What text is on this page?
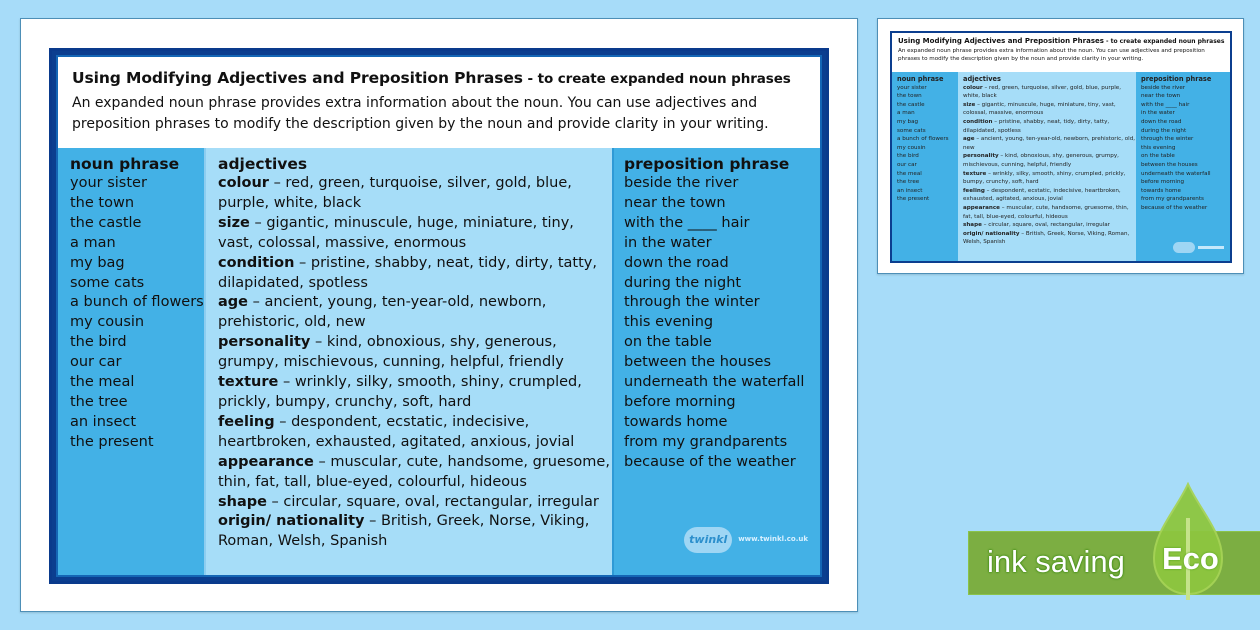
Using Modifying Adjectives and Preposition Phrases - to create expanded noun phrases
An expanded noun phrase provides extra information about the noun. You can use adjectives and preposition phrases to modify the description given by the noun and provide clarity in your writing.
noun phrase
your sister
the town
the castle
a man
my bag
some cats
a bunch of flowers
my cousin
the bird
our car
the meal
the tree
an insect
the present
adjectives
colour – red, green, turquoise, silver, gold, blue, purple, white, black
size – gigantic, minuscule, huge, miniature, tiny, vast, colossal, massive, enormous
condition – pristine, shabby, neat, tidy, dirty, tatty, dilapidated, spotless
age – ancient, young, ten-year-old, newborn, prehistoric, old, new
personality – kind, obnoxious, shy, generous, grumpy, mischievous, cunning, helpful, friendly
texture – wrinkly, silky, smooth, shiny, crumpled, prickly, bumpy, crunchy, soft, hard
feeling – despondent, ecstatic, indecisive, heartbroken, exhausted, agitated, anxious, jovial
appearance – muscular, cute, handsome, gruesome, thin, fat, tall, blue-eyed, colourful, hideous
shape – circular, square, oval, rectangular, irregular
origin/ nationality – British, Greek, Norse, Viking, Roman, Welsh, Spanish
preposition phrase
beside the river
near the town
with the ____ hair
in the water
down the road
during the night
through the winter
this evening
on the table
between the houses
underneath the waterfall
before morning
towards home
from my grandparents
because of the weather
twinkl	www.twinkl.co.uk
Using Modifying Adjectives and Preposition Phrases - to create expanded noun phrases
An expanded noun phrase provides extra information about the noun. You can use adjectives and preposition phrases to modify the description given by the noun and provide clarity in your writing.
noun phrase
your sister
the town
the castle
a man
my bag
some cats
a bunch of flowers
my cousin
the bird
our car
the meal
the tree
an insect
the present
adjectives
colour – red, green, turquoise, silver, gold, blue, purple, white, black
size – gigantic, minuscule, huge, miniature, tiny, vast, colossal, massive, enormous
condition – pristine, shabby, neat, tidy, dirty, tatty, dilapidated, spotless
age – ancient, young, ten-year-old, newborn, prehistoric, old, new
personality – kind, obnoxious, shy, generous, grumpy, mischievous, cunning, helpful, friendly
texture – wrinkly, silky, smooth, shiny, crumpled, prickly, bumpy, crunchy, soft, hard
feeling – despondent, ecstatic, indecisive, heartbroken, exhausted, agitated, anxious, jovial
appearance – muscular, cute, handsome, gruesome, thin, fat, tall, blue-eyed, colourful, hideous
shape – circular, square, oval, rectangular, irregular
origin/ nationality – British, Greek, Norse, Viking, Roman, Welsh, Spanish
preposition phrase
beside the river
near the town
with the ____ hair
in the water
down the road
during the night
through the winter
this evening
on the table
between the houses
underneath the waterfall
before morning
towards home
from my grandparents
because of the weather
ink saving Eco
